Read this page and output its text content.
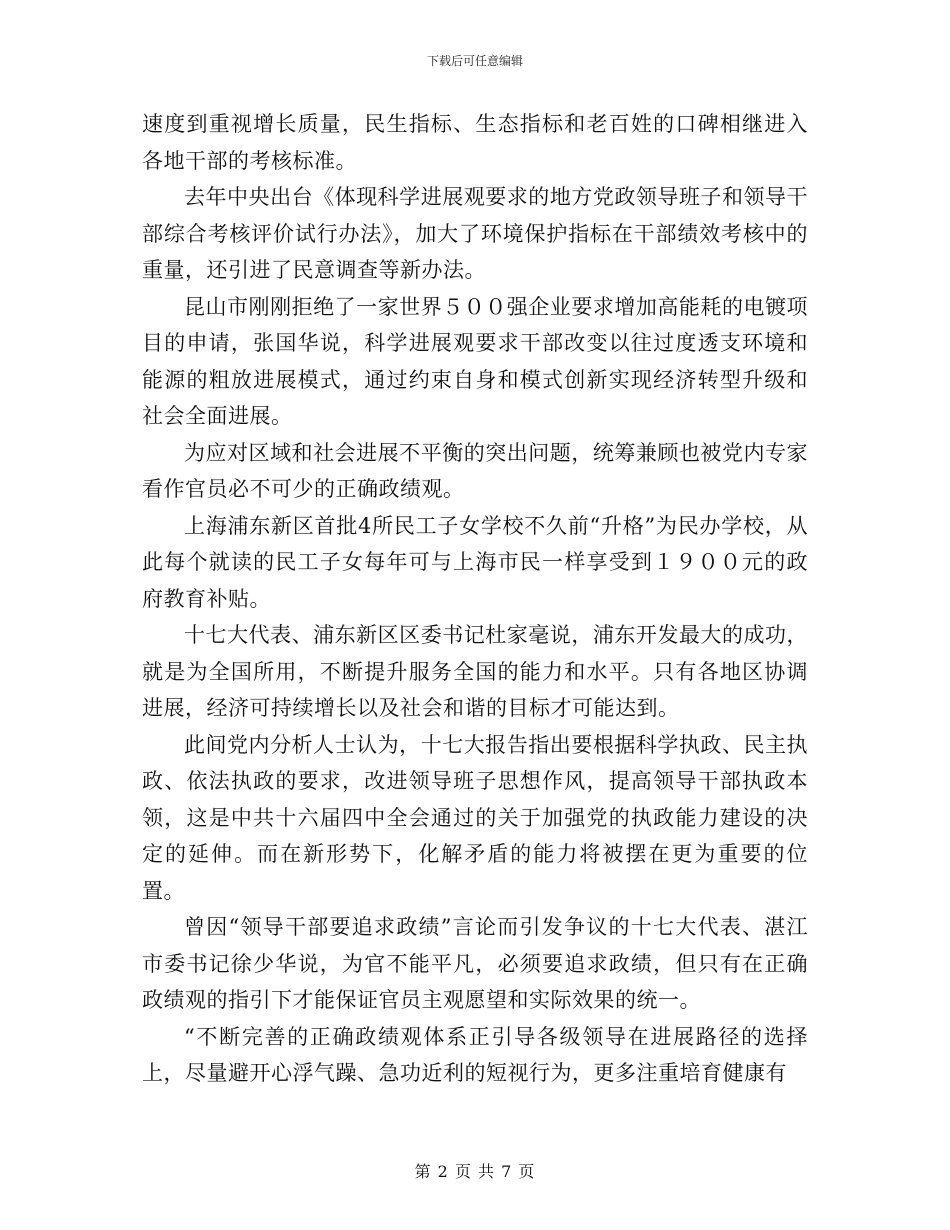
下载后可任意编辑

速度到重视增长质量，民生指标、生态指标和老百姓的口碑相继进入各地干部的考核标准。

去年中央出台《体现科学进展观要求的地方党政领导班子和领导干部综合考核评价试行办法》，加大了环境保护指标在干部绩效考核中的重量，还引进了民意调查等新办法。

昆山市刚刚拒绝了一家世界５００强企业要求增加高能耗的电镀项目的申请，张国华说，科学进展观要求干部改变以往过度透支环境和能源的粗放进展模式，通过约束自身和模式创新实现经济转型升级和社会全面进展。

为应对区域和社会进展不平衡的突出问题，统筹兼顾也被党内专家看作官员必不可少的正确政绩观。

上海浦东新区首批4所民工子女学校不久前“升格”为民办学校，从此每个就读的民工子女每年可与上海市民一样享受到１９００元的政府教育补贴。

十七大代表、浦东新区区委书记杜家毫说，浦东开发最大的成功，就是为全国所用，不断提升服务全国的能力和水平。只有各地区协调进展，经济可持续增长以及社会和谐的目标才可能达到。

此间党内分析人士认为，十七大报告指出要根据科学执政、民主执政、依法执政的要求，改进领导班子思想作风，提高领导干部执政本领，这是中共十六届四中全会通过的关于加强党的执政能力建设的决定的延伸。而在新形势下，化解矛盾的能力将被摆在更为重要的位置。

曾因“领导干部要追求政绩”言论而引发争议的十七大代表、湛江市委书记徐少华说，为官不能平凡，必须要追求政绩，但只有在正确政绩观的指引下才能保证官员主观愿望和实际效果的统一。

“不断完善的正确政绩观体系正引导各级领导在进展路径的选择上，尽量避开心浮气躁、急功近利的短视行为，更多注重培育健康有

第 2 页 共 7 页
